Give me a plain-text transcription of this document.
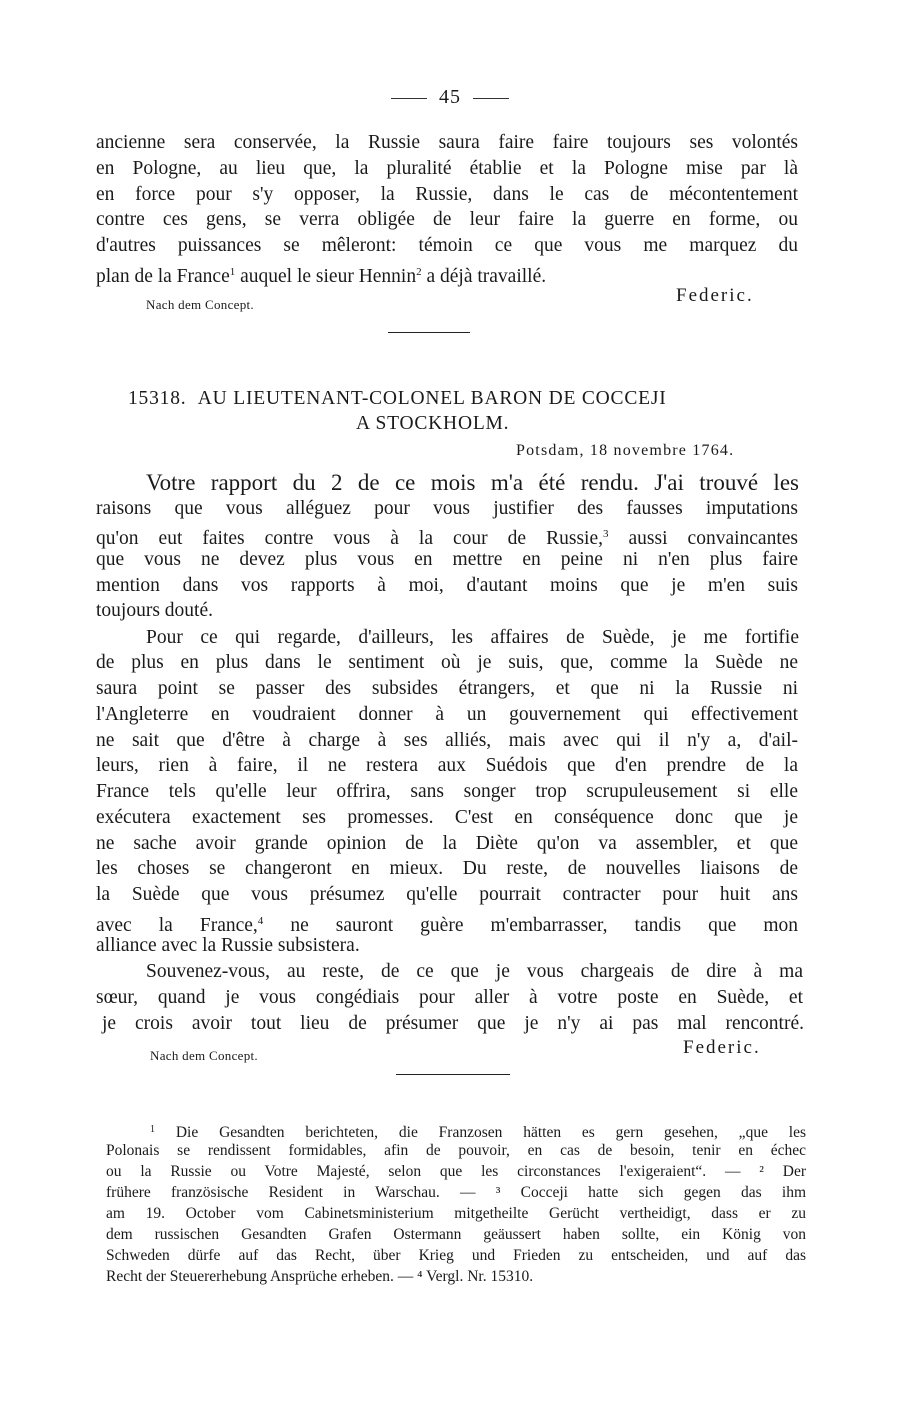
45
ancienne sera conservée, la Russie saura faire faire toujours ses volontés
en Pologne, au lieu que, la pluralité établie et la Pologne mise par là
en force pour s'y opposer, la Russie, dans le cas de mécontentement
contre ces gens, se verra obligée de leur faire la guerre en forme, ou
d'autres puissances se mêleront: témoin ce que vous me marquez du
plan de la France$^1$ auquel le sieur Hennin$^2$ a déjà travaillé.
Nach dem Concept.	Federic.
15318. AU LIEUTENANT-COLONEL BARON DE COCCEJI
A STOCKHOLM.
Potsdam, 18 novembre 1764.
Votre rapport du 2 de ce mois m'a été rendu. J'ai trouvé les
raisons que vous alléguez pour vous justifier des fausses imputations
qu'on eut faites contre vous à la cour de Russie,$^3$ aussi convaincantes
que vous ne devez plus vous en mettre en peine ni n'en plus faire
mention dans vos rapports à moi, d'autant moins que je m'en suis
toujours douté.
Pour ce qui regarde, d'ailleurs, les affaires de Suède, je me fortifie
de plus en plus dans le sentiment où je suis, que, comme la Suède ne
saura point se passer des subsides étrangers, et que ni la Russie ni
l'Angleterre en voudraient donner à un gouvernement qui effectivement
ne sait que d'être à charge à ses alliés, mais avec qui il n'y a, d'ail-
leurs, rien à faire, il ne restera aux Suédois que d'en prendre de la
France tels qu'elle leur offrira, sans songer trop scrupuleusement si elle
exécutera exactement ses promesses. C'est en conséquence donc que je
ne sache avoir grande opinion de la Diète qu'on va assembler, et que
les choses se changeront en mieux. Du reste, de nouvelles liaisons de
la Suède que vous présumez qu'elle pourrait contracter pour huit ans
avec la France,$^4$ ne sauront guère m'embarrasser, tandis que mon
alliance avec la Russie subsistera.
Souvenez-vous, au reste, de ce que je vous chargeais de dire à ma
sœur, quand je vous congédiais pour aller à votre poste en Suède, et
je crois avoir tout lieu de présumer que je n'y ai pas mal rencontré.
Nach dem Concept.	Federic.
$^1$ Die Gesandten berichteten, die Franzosen hätten es gern gesehen, „que les
Polonais se rendissent formidables, afin de pouvoir, en cas de besoin, tenir en échec
ou la Russie ou Votre Majesté, selon que les circonstances l'exigeraient“. — ² Der
frühere französische Resident in Warschau. — ³ Cocceji hatte sich gegen das ihm
am 19. October vom Cabinetsministerium mitgetheilte Gerücht vertheidigt, dass er zu
dem russischen Gesandten Grafen Ostermann geäussert haben sollte, ein König von
Schweden dürfe auf das Recht, über Krieg und Frieden zu entscheiden, und auf das
Recht der Steuererhebung Ansprüche erheben. — ⁴ Vergl. Nr. 15310.
